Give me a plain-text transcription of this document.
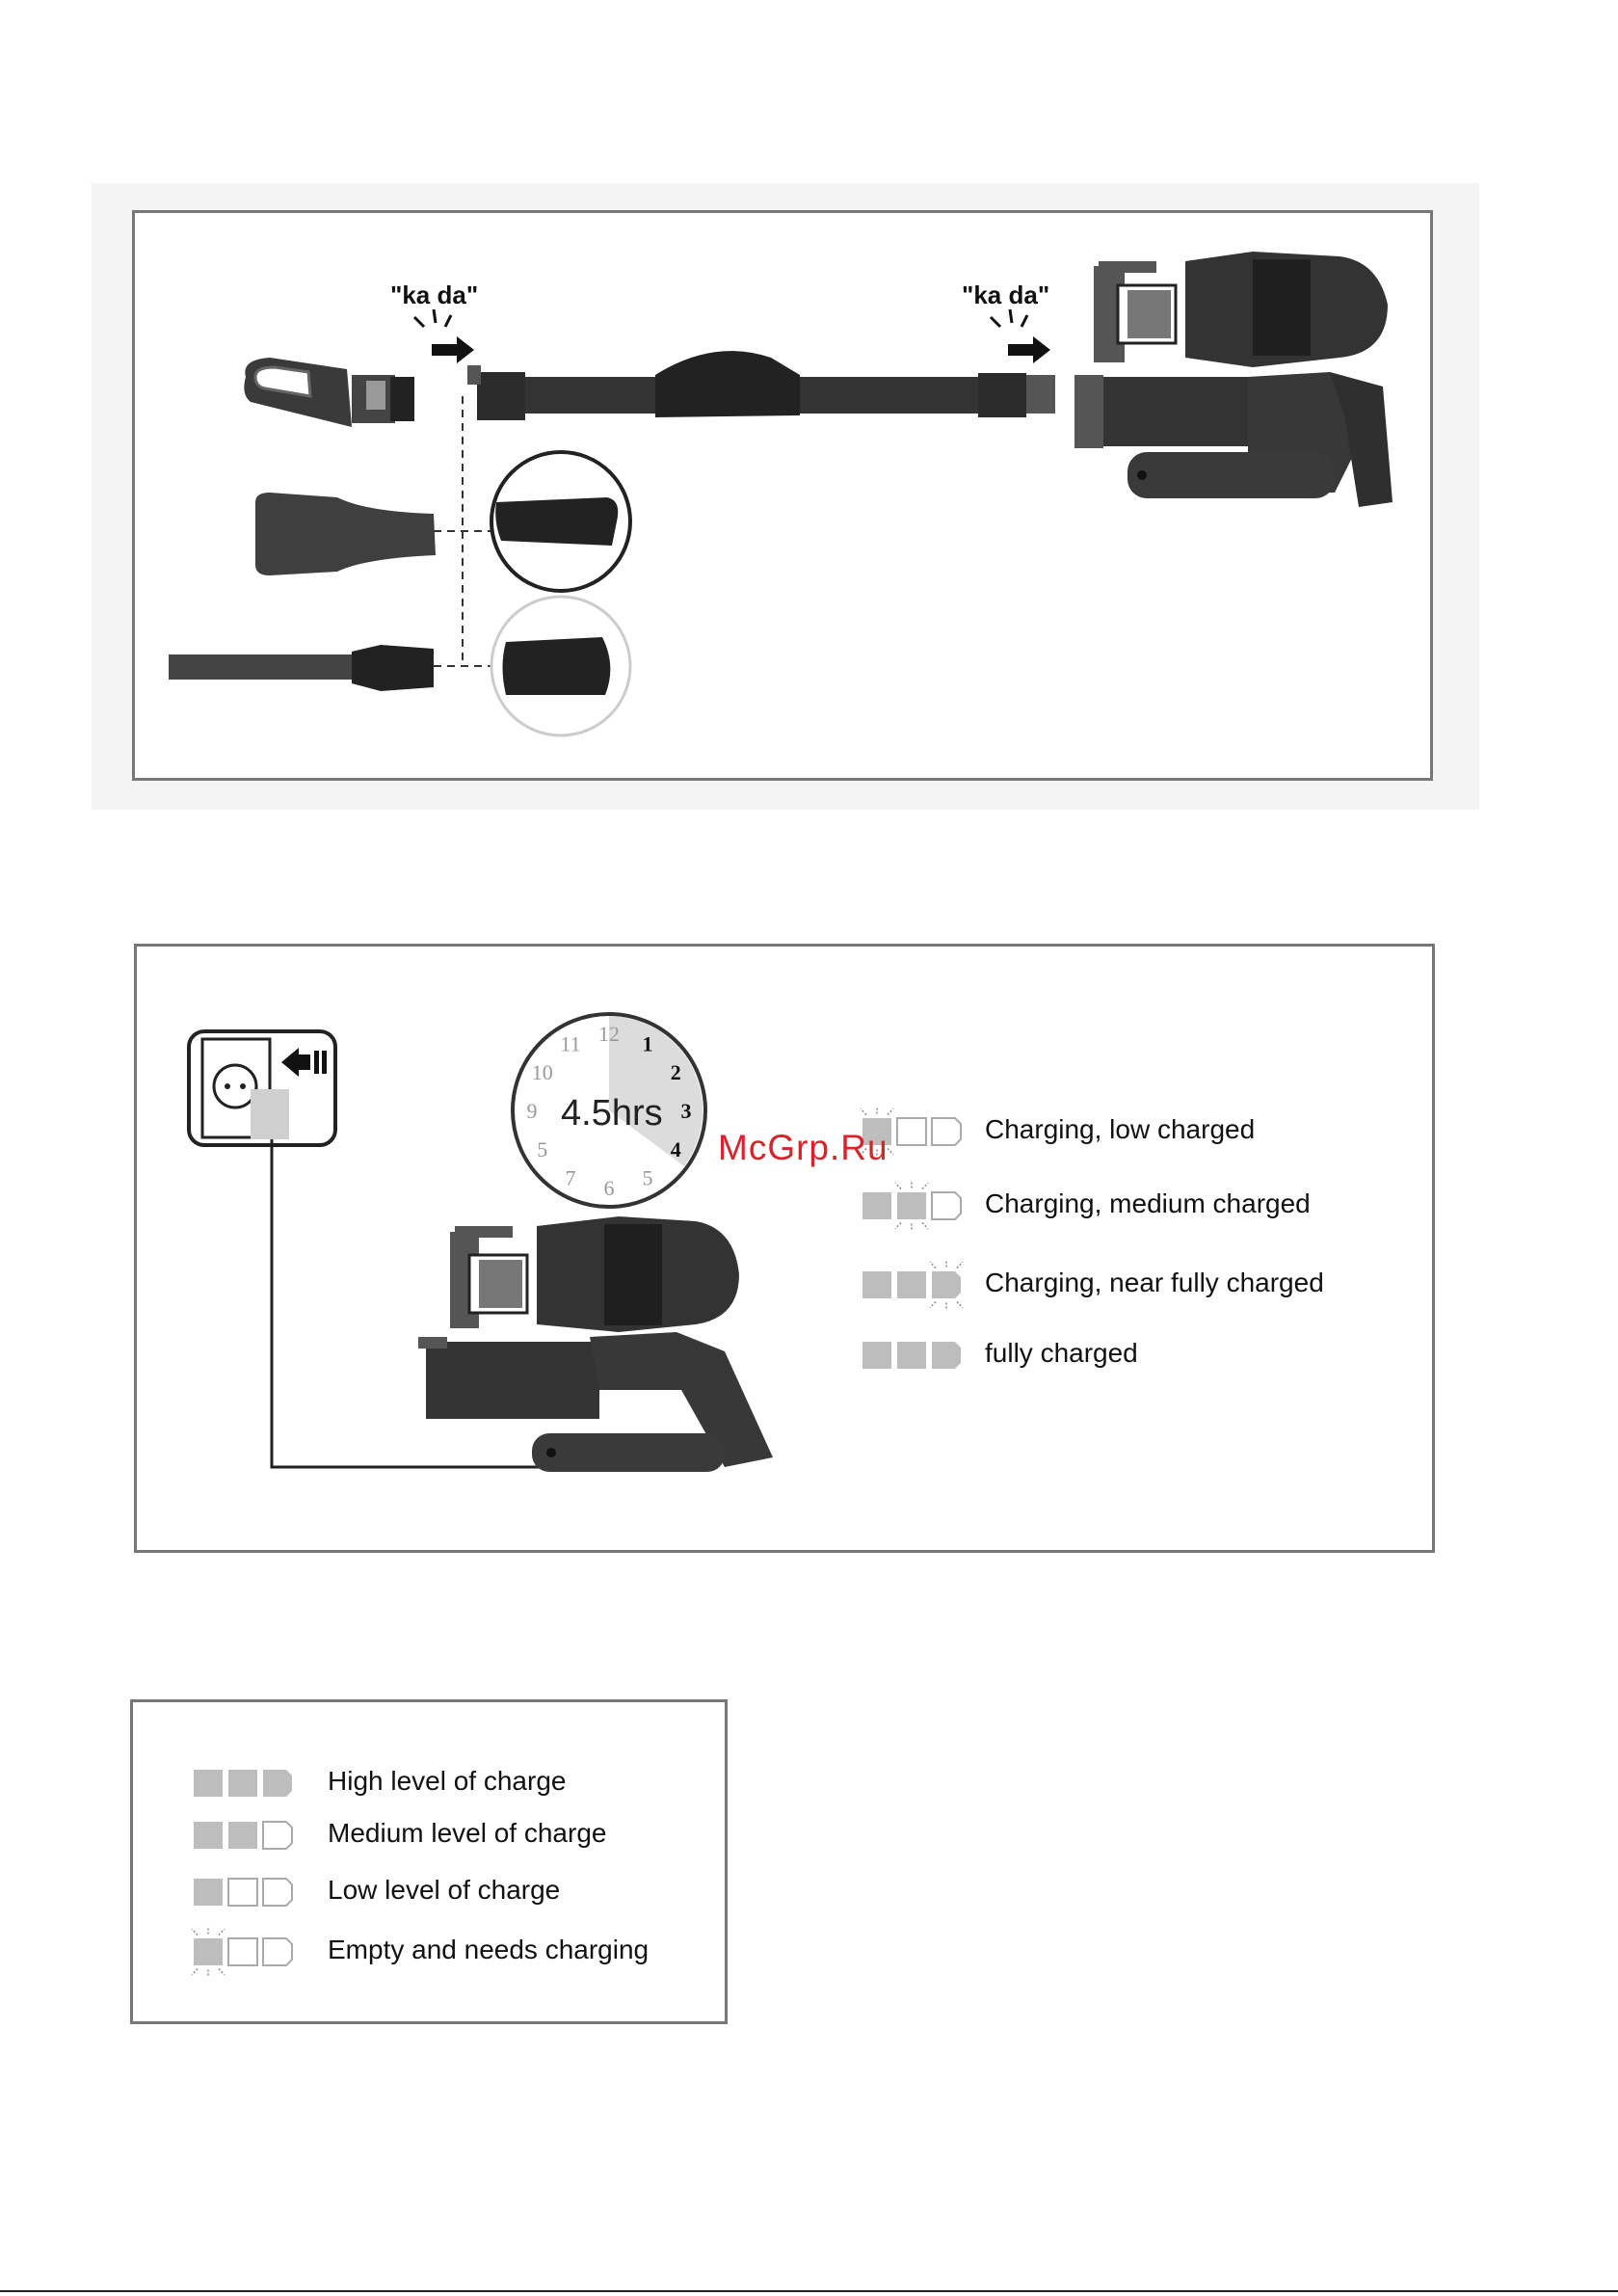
"ka da"	"ka da"
12 1
2
3
4
5
6
7
5
9
10
11
4.5hrs	Charging, low charged
Charging, medium charged
Charging, near fully charged
fully charged
McGrp.Ru
High level of charge
Medium level of charge
Low level of charge
Empty and needs charging
